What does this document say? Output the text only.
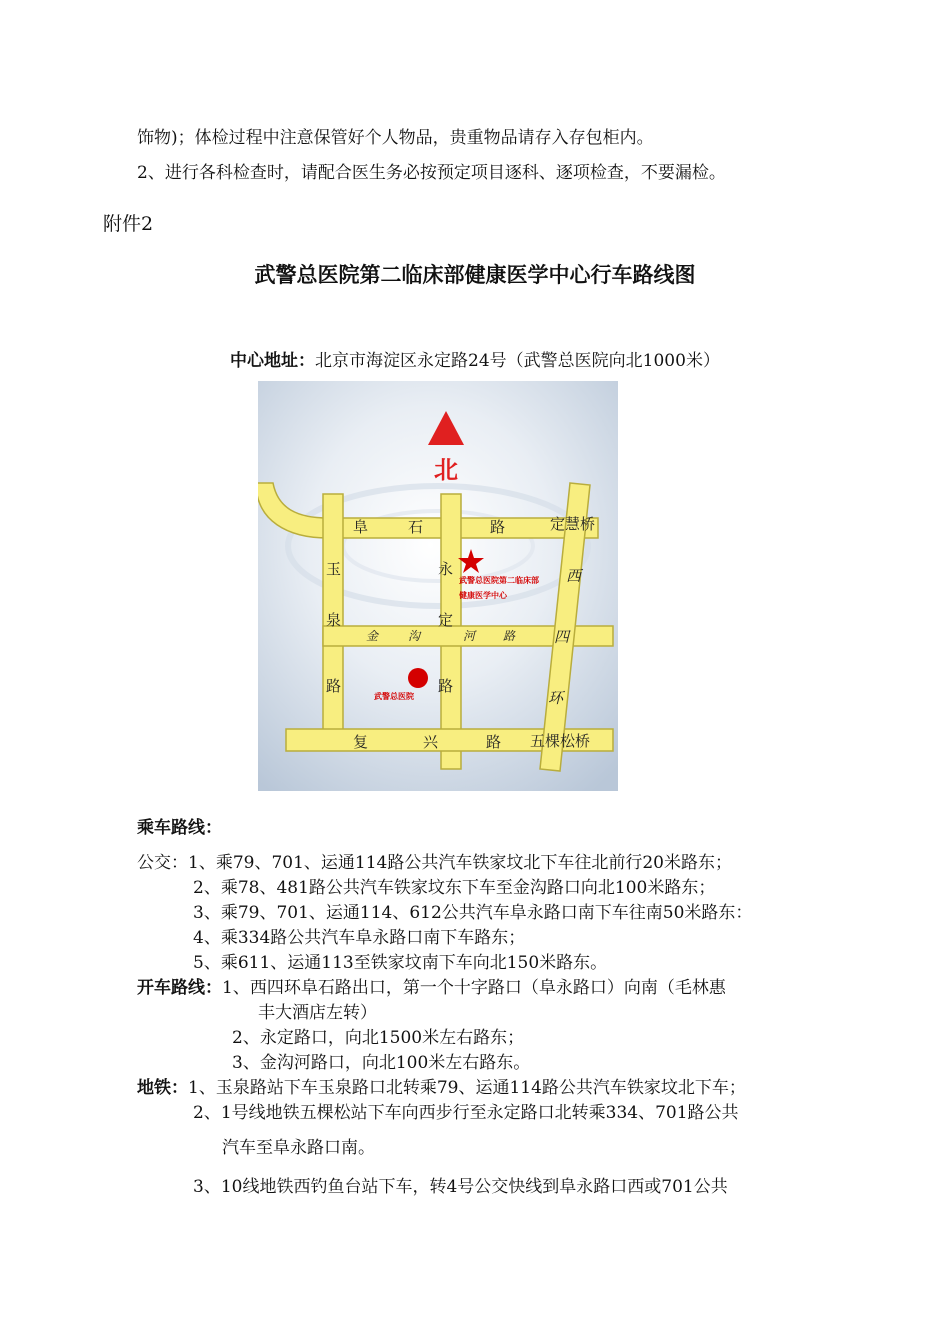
饰物)；体检过程中注意保管好个人物品，贵重物品请存入存包柜内。
2、进行各科检查时，请配合医生务必按预定项目逐科、逐项检查，不要漏检。
附件2
武警总医院第二临床部健康医学中心行车路线图
中心地址：北京市海淀区永定路24号（武警总医院向北1000米）
北
阜	石	路	定慧桥
玉
泉
路
永
定
路
西
四
环
金 沟	河 路
复	兴	路 五棵松桥
武警总医院第二临床部
健康医学中心
武警总医院
乘车路线：
公交：1、乘79、701、运通114路公共汽车铁家坟北下车往北前行20米路东；
2、乘78、481路公共汽车铁家坟东下车至金沟路口向北100米路东；
3、乘79、701、运通114、612公共汽车阜永路口南下车往南50米路东：
4、乘334路公共汽车阜永路口南下车路东；
5、乘611、运通113至铁家坟南下车向北150米路东。
开车路线：1、西四环阜石路出口，第一个十字路口（阜永路口）向南（毛林惠
丰大酒店左转）
2、永定路口，向北1500米左右路东；
3、金沟河路口，向北100米左右路东。
地铁：1、玉泉路站下车玉泉路口北转乘79、运通114路公共汽车铁家坟北下车；
2、1号线地铁五棵松站下车向西步行至永定路口北转乘334、701路公共
汽车至阜永路口南。
3、10线地铁西钓鱼台站下车，转4号公交快线到阜永路口西或701公共
